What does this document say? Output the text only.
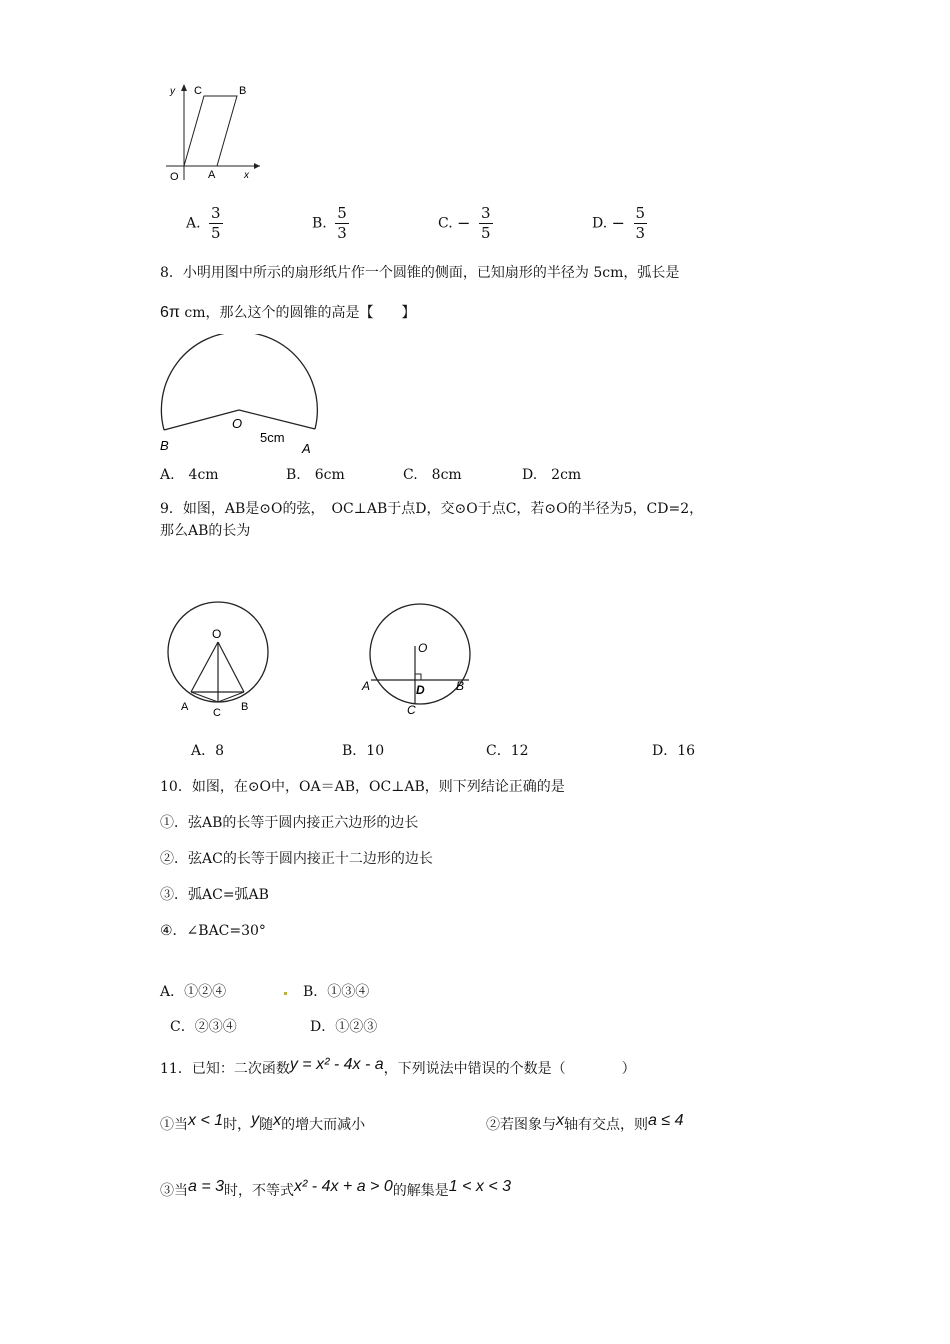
y C	B
O	A	x
A. $\frac{3}{5}$	B. $\frac{5}{3}$	C. − $\frac{3}{5}$	D. − $\frac{5}{3}$
8．小明用图中所示的扇形纸片作一个圆锥的侧面，已知扇形的半径为 5cm，弧长是
6π cm，那么这个的圆锥的高是【　　】
B
O
5cm
A
A.　4cm	B.　6cm	C.　8cm	D.　2cm
9．如图，AB是⊙O的弦，　OC⊥AB于点D，交⊙O于点C，若⊙O的半径为5，CD=2，
那么AB的长为
O
A C B
O
A	D	B
C
A．8	B．10	C．12	D．16
10．如图，在⊙O中，OA＝AB，OC⊥AB，则下列结论正确的是
①．弦AB的长等于圆内接正六边形的边长
②．弦AC的长等于圆内接正十二边形的边长
③．弧AC=弧AB
④．∠BAC=30°
A．①②④	B．①③④
C．②③④	D．①②③
11．已知：二次函数y = x² - 4x - a，下列说法中错误的个数是（　　　　）
①当x < 1时，y随x的增大而减小	②若图象与x轴有交点，则a ≤ 4
③当a = 3时，不等式x² - 4x + a > 0的解集是1 < x < 3
